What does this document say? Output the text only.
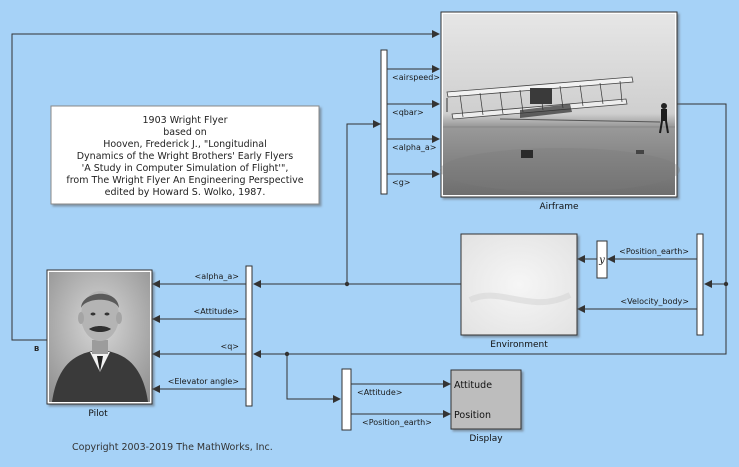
<airspeed>
<qbar>
<alpha_a>
<g>
<Position_earth>
<Velocity_body>
<alpha_a>
<Attitude>
<q>
<Elevator angle>
<Attitude>
<Position_earth>
y
1903 Wright Flyer
based on
Hooven, Frederick J., "Longitudinal
Dynamics of the Wright Brothers' Early Flyers
'A Study in Computer Simulation of Flight'",
from The Wright Flyer An Engineering Perspective
edited by Howard S. Wolko, 1987.
Airframe
Environment
Pilot
B
Attitude
Position
Display
Copyright 2003-2019 The MathWorks, Inc.
